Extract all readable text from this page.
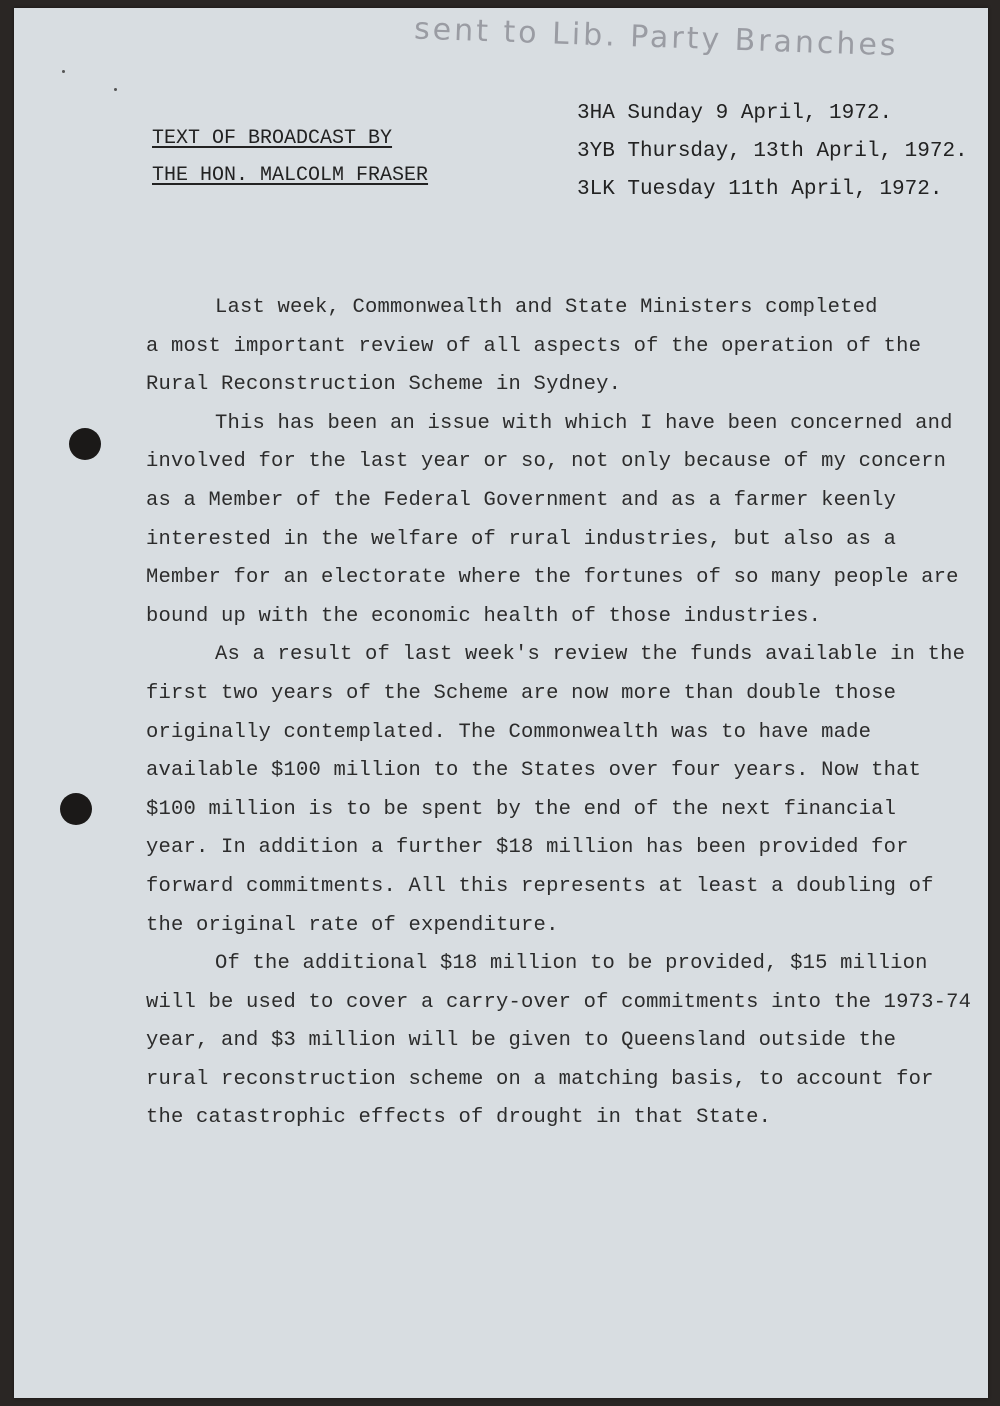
sent to Lib. Party Branches
TEXT OF BROADCAST BY
THE HON. MALCOLM FRASER
3HA Sunday 9 April, 1972.
3YB Thursday, 13th April, 1972.
3LK Tuesday 11th April, 1972.
Last week, Commonwealth and State Ministers completed
a most important review of all aspects of the operation of the
Rural Reconstruction Scheme in Sydney.
This has been an issue with which I have been concerned and
involved for the last year or so, not only because of my concern
as a Member of the Federal Government and as a farmer keenly
interested in the welfare of rural industries, but also as a
Member for an electorate where the fortunes of so many people are
bound up with the economic health of those industries.
As a result of last week's review the funds available in the
first two years of the Scheme are now more than double those
originally contemplated. The Commonwealth was to have made
available $100 million to the States over four years. Now that
$100 million is to be spent by the end of the next financial
year. In addition a further $18 million has been provided for
forward commitments. All this represents at least a doubling of
the original rate of expenditure.
Of the additional $18 million to be provided, $15 million
will be used to cover a carry-over of commitments into the 1973-74
year, and $3 million will be given to Queensland outside the
rural reconstruction scheme on a matching basis, to account for
the catastrophic effects of drought in that State.
